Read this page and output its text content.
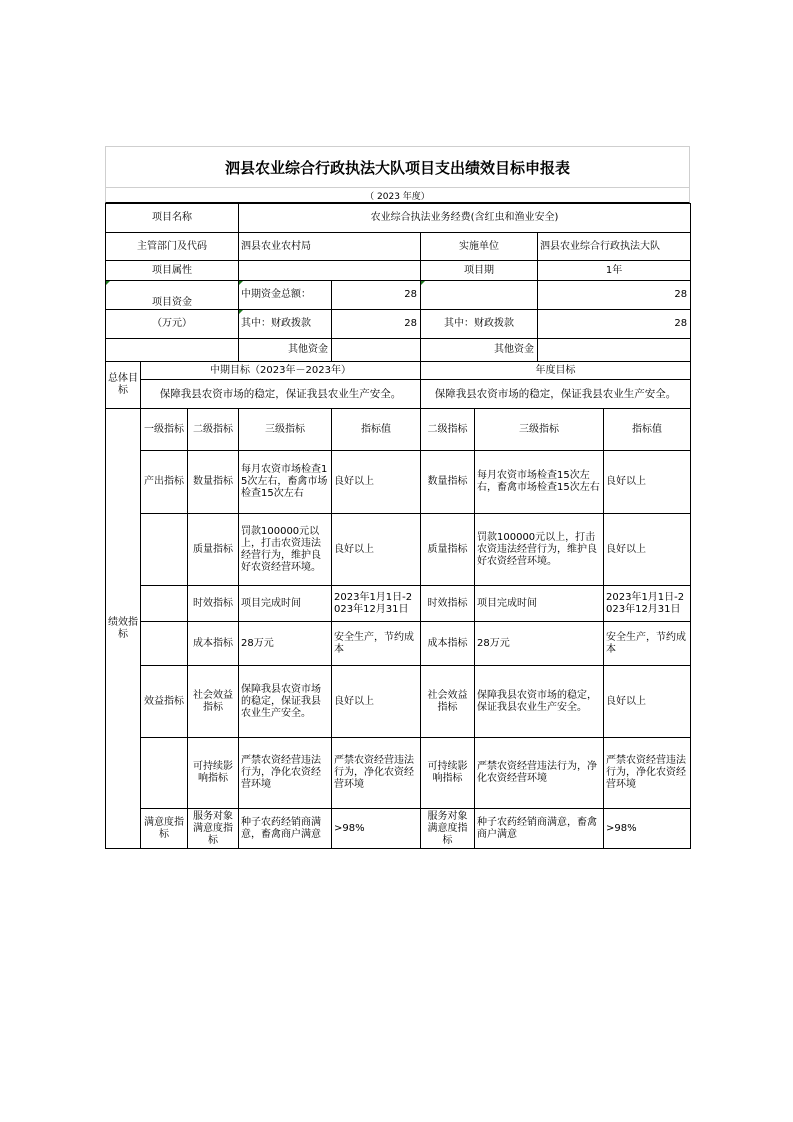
泗县农业综合行政执法大队项目支出绩效目标申报表
（ 2023 年度）
项目名称			农业综合执法业务经费(含红虫和渔业安全)					
主管部门及代码			泗县农业农村局		实施单位		泗县农业综合行政执法大队	
项目属性					项目期		1年	
项目资金			中期资金总额：	28			28	
（万元）			其中：财政拨款	28	其中：财政拨款		28	
			其他资金		其他资金			
总体目标	中期目标（2023年－2023年）				年度目标			
	保障我县农资市场的稳定，保证我县农业生产安全。				保障我县农资市场的稳定，保证我县农业生产安全。			
绩效指标	一级指标	二级指标	三级指标	指标值	二级指标	三级指标		指标值
	产出指标	数量指标	每月农资市场检查15次左右，畜禽市场检查15次左右	良好以上	数量指标	每月农资市场检查15次左右，畜禽市场检查15次左右		良好以上
		质量指标	罚款100000元以上，打击农资违法经营行为，维护良好农资经营环境。	良好以上	质量指标	罚款100000元以上，打击农资违法经营行为，维护良好农资经营环境。		良好以上
		时效指标	项目完成时间	2023年1月1日-2023年12月31日	时效指标	项目完成时间		2023年1月1日-2023年12月31日
		成本指标	28万元	安全生产，节约成本	成本指标	28万元		安全生产，节约成本
	效益指标	社会效益指标	保障我县农资市场的稳定，保证我县农业生产安全。	良好以上	社会效益指标	保障我县农资市场的稳定，保证我县农业生产安全。		良好以上
		可持续影响指标	严禁农资经营违法行为，净化农资经营环境	严禁农资经营违法行为，净化农资经营环境	可持续影响指标	严禁农资经营违法行为，净化农资经营环境		严禁农资经营违法行为，净化农资经营环境
	满意度指标	服务对象满意度指标	种子农药经销商满意，畜禽商户满意	>98%	服务对象满意度指标	种子农药经销商满意，畜禽商户满意		>98%
